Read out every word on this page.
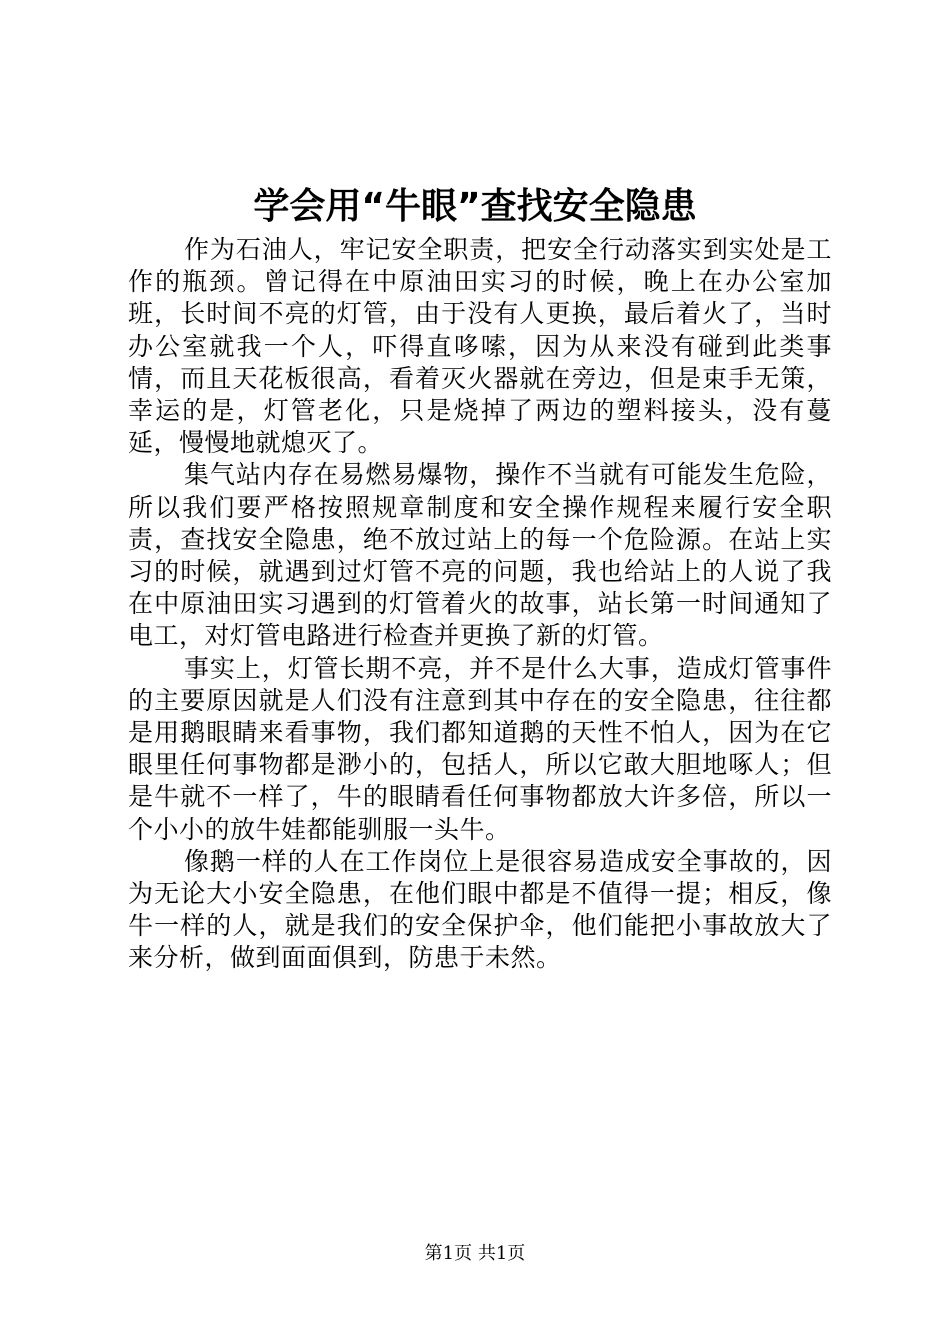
学会用“牛眼”查找安全隐患

作为石油人，牢记安全职责，把安全行动落实到实处是工作的瓶颈。曾记得在中原油田实习的时候，晚上在办公室加班，长时间不亮的灯管，由于没有人更换，最后着火了，当时办公室就我一个人，吓得直哆嗦，因为从来没有碰到此类事情，而且天花板很高，看着灭火器就在旁边，但是束手无策，幸运的是，灯管老化，只是烧掉了两边的塑料接头，没有蔓延，慢慢地就熄灭了。

集气站内存在易燃易爆物，操作不当就有可能发生危险，所以我们要严格按照规章制度和安全操作规程来履行安全职责，查找安全隐患，绝不放过站上的每一个危险源。在站上实习的时候，就遇到过灯管不亮的问题，我也给站上的人说了我在中原油田实习遇到的灯管着火的故事，站长第一时间通知了电工，对灯管电路进行检查并更换了新的灯管。

事实上，灯管长期不亮，并不是什么大事，造成灯管事件的主要原因就是人们没有注意到其中存在的安全隐患，往往都是用鹅眼睛来看事物，我们都知道鹅的天性不怕人，因为在它眼里任何事物都是渺小的，包括人，所以它敢大胆地啄人；但是牛就不一样了，牛的眼睛看任何事物都放大许多倍，所以一个小小的放牛娃都能驯服一头牛。

像鹅一样的人在工作岗位上是很容易造成安全事故的，因为无论大小安全隐患，在他们眼中都是不值得一提；相反，像牛一样的人，就是我们的安全保护伞，他们能把小事故放大了来分析，做到面面俱到，防患于未然。

第1页 共1页
